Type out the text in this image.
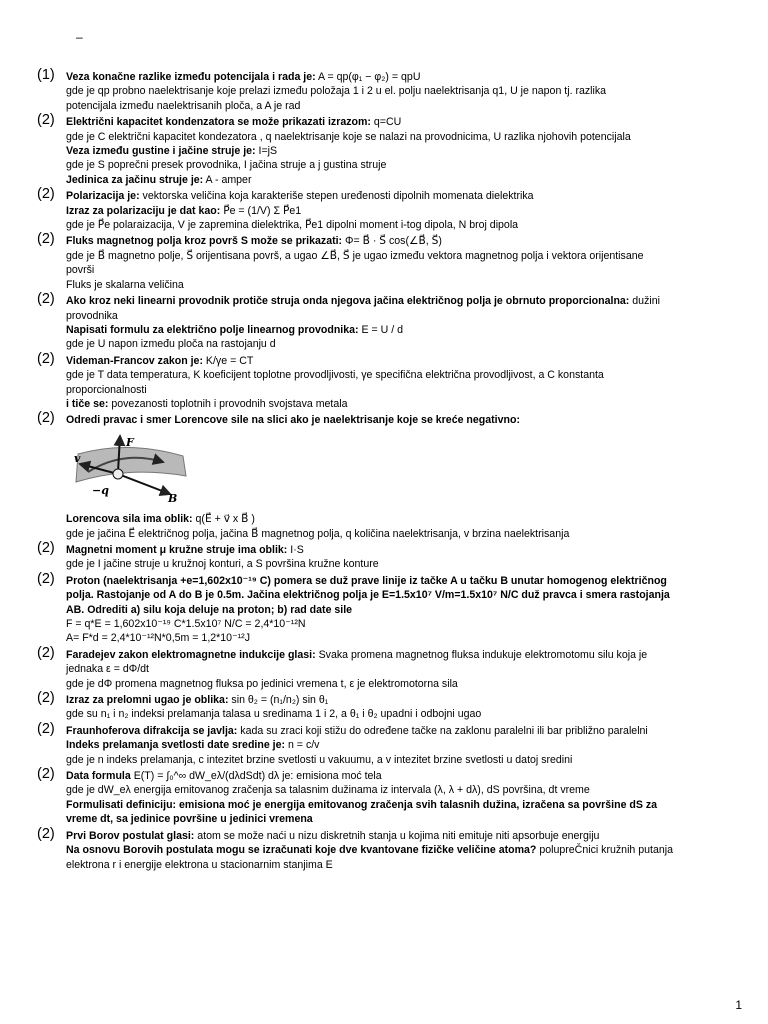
–
(1) Veza konačne razlike između potencijala i rada je: A = qp(φ₁ − φ₂) = qpU
gde je qp probno naelektrisanje koje prelazi između položaja 1 i 2 u el. polju naelektrisanja q1, U je napon tj. razlika
potencijala između naelektrisanih ploča, a A je rad
(2) Električni kapacitet kondenzatora se može prikazati izrazom: q=CU
gde je C električni kapacitet kondezatora , q naelektrisanje koje se nalazi na provodnicima, U razlika njohovih potencijala
Veza između gustine i jačine struje je: I=jS
gde je S poprečni presek provodnika, I jačina struje a j gustina struje
Jedinica za jačinu struje je: A - amper
(2) Polarizacija je: vektorska veličina koja karakteriše stepen uređenosti dipolnih momenata dielektrika
Izraz za polarizaciju je dat kao: P⃗e = (1/V) Σ P⃗e1
gde je P⃗e polaraizacija, V je zapremina dielektrika, P⃗e1 dipolni moment i-tog dipola, N broj dipola
(2) Fluks magnetnog polja kroz površ S može se prikazati: Φ= B⃗ · S⃗ cos(∠B⃗, S⃗)
gde je B⃗ magnetno polje, S⃗ orijentisana površ, a ugao ∠B⃗, S⃗ je ugao između vektora magnetnog polja i vektora orijentisane
površi
Fluks je skalarna veličina
(2) Ako kroz neki linearni provodnik protiče struja onda njegova jačina električnog polja je obrnuto proporcionalna: dužini
provodnika
Napisati formulu za električno polje linearnog provodnika: E = U / d
gde je U napon između ploča na rastojanju d
(2) Videman-Francov zakon je: K/γe = CT
gde je T data temperatura, K koeficijent toplotne provodljivosti, γe specifična električna provodljivost, a C konstanta
proporcionalnosti
i tiče se: povezanosti toplotnih i provodnih svojstava metala
(2) Odredi pravac i smer Lorencove sile na slici ako je naelektrisanje koje se kreće negativno:
F
v
−q
B
Lorencova sila ima oblik: q(E⃗ + v⃗ x B⃗ )
gde je jačina E⃗ električnog polja, jačina B⃗ magnetnog polja, q količina naelektrisanja, v brzina naelektrisanja
(2) Magnetni moment μ kružne struje ima oblik: I·S
gde je I jačine struje u kružnoj konturi, a S površina kružne konture
(2) Proton (naelektrisanja +e=1,602x10⁻¹⁹ C) pomera se duž prave linije iz tačke A u tačku B unutar homogenog električnog
polja. Rastojanje od A do B je 0.5m. Jačina električnog polja je E=1.5x10⁷ V/m=1.5x10⁷ N/C duž pravca i smera rastojanja
AB. Odrediti a) silu koja deluje na proton; b) rad date sile
F = q*E = 1,602x10⁻¹⁹ C*1.5x10⁷ N/C = 2,4*10⁻¹²N
A= F*d = 2,4*10⁻¹²N*0,5m = 1,2*10⁻¹²J
(2) Faradejev zakon elektromagnetne indukcije glasi: Svaka promena magnetnog fluksa indukuje elektromotomu silu koja je
jednaka ε = dΦ/dt
gde je dΦ promena magnetnog fluksa po jedinici vremena t, ε je elektromotorna sila
(2) Izraz za prelomni ugao je oblika: sin θ₂ = (n₁/n₂) sin θ₁
gde su n₁ i n₂ indeksi prelamanja talasa u sredinama 1 i 2, a θ₁ i θ₂ upadni i odbojni ugao
(2) Fraunhoferova difrakcija se javlja: kada su zraci koji stižu do određene tačke na zaklonu paralelni ili bar približno paralelni
Indeks prelamanja svetlosti date sredine je: n = c/v
gde je n indeks prelamanja, c intezitet brzine svetlosti u vakuumu, a v intezitet brzine svetlosti u datoj sredini
(2) Data formula E(T) = ∫₀^∞ dW_eλ/(dλdSdt) dλ je: emisiona moć tela
gde je dW_eλ energija emitovanog zračenja sa talasnim dužinama iz intervala (λ, λ + dλ), dS površina, dt vreme
Formulisati definiciju: emisiona moć je energija emitovanog zračenja svih talasnih dužina, izračena sa površine dS za
vreme dt, sa jedinice površine u jedinici vremena
(2) Prvi Borov postulat glasi: atom se može naći u nizu diskretnih stanja u kojima niti emituje niti apsorbuje energiju
Na osnovu Borovih postulata mogu se izračunati koje dve kvantovane fizičke veličine atoma? polupreČnici kružnih putanja
elektrona r i energije elektrona u stacionarnim stanjima E
1
